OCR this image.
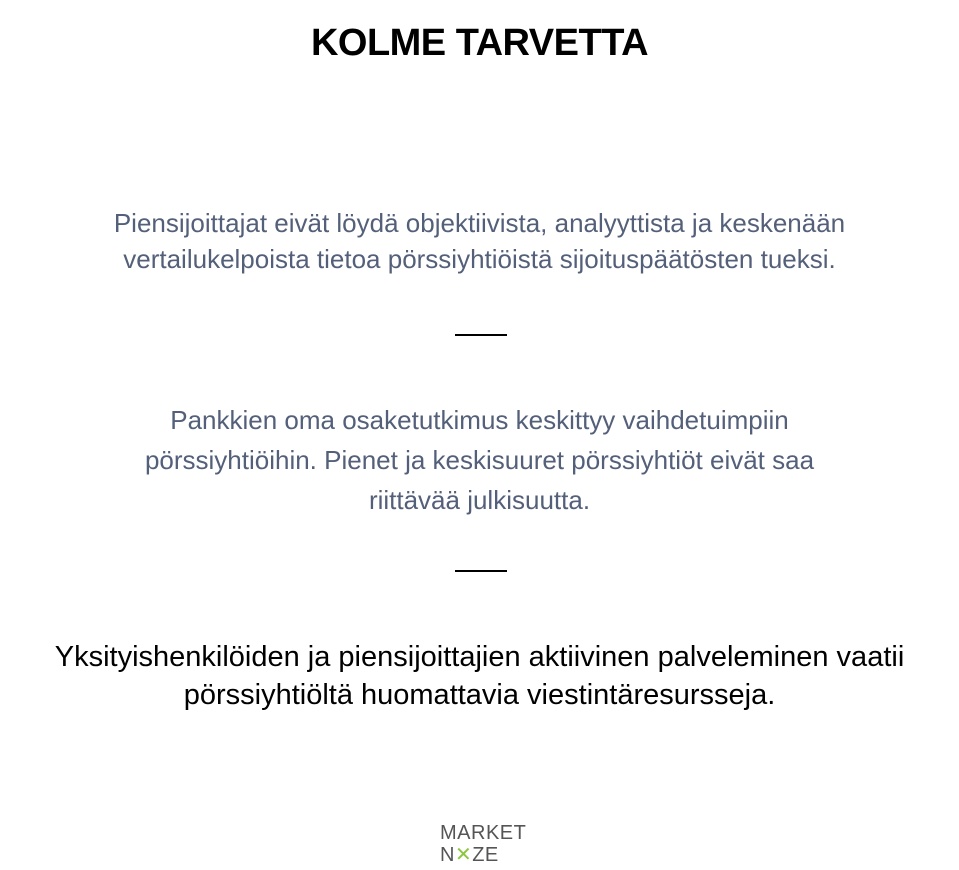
KOLME TARVETTA
Piensijoittajat eivät löydä objektiivista, analyyttista ja keskenään
vertailukelpoista tietoa pörssiyhtiöistä sijoituspäätösten tueksi.
Pankkien oma osaketutkimus keskittyy vaihdetuimpiin
pörssiyhtiöihin. Pienet ja keskisuuret pörssiyhtiöt eivät saa
riittävää julkisuutta.
Yksityishenkilöiden ja piensijoittajien aktiivinen palveleminen vaatii
pörssiyhtiöltä huomattavia viestintäresursseja.
MARKET
N✕ZE
